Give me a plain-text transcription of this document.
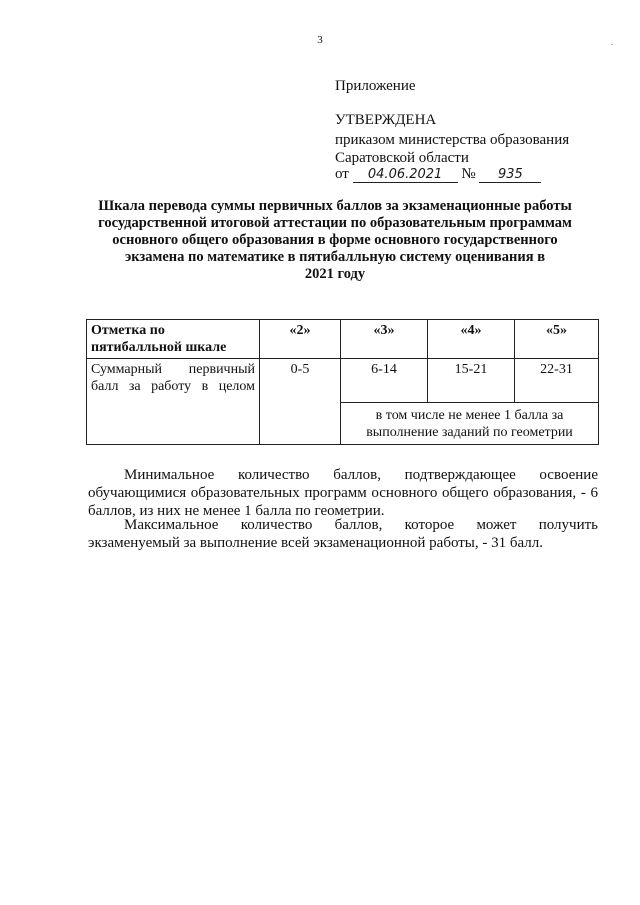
3	.
Приложение
УТВЕРЖДЕНА
приказом министерства образования Саратовской области
от 04.06.2021 № 935
Шкала перевода суммы первичных баллов за экзаменационные работы
государственной итоговой аттестации по образовательным программам
основного общего образования в форме основного государственного
экзамена по математике в пятибалльную систему оценивания в
2021 году
Отметка по пятибалльной шкале	«2»	«3»	«4»	«5»
Суммарный первичный балл за работу в целом	0-5	6-14	15-21	22-31
		в том числе не менее 1 балла за выполнение заданий по геометрии		
Минимальное количество баллов, подтверждающее освоение обучающимися образовательных программ основного общего образования, - 6 баллов, из них не менее 1 балла по геометрии.
Максимальное количество баллов, которое может получить экзаменуемый за выполнение всей экзаменационной работы, - 31 балл.
